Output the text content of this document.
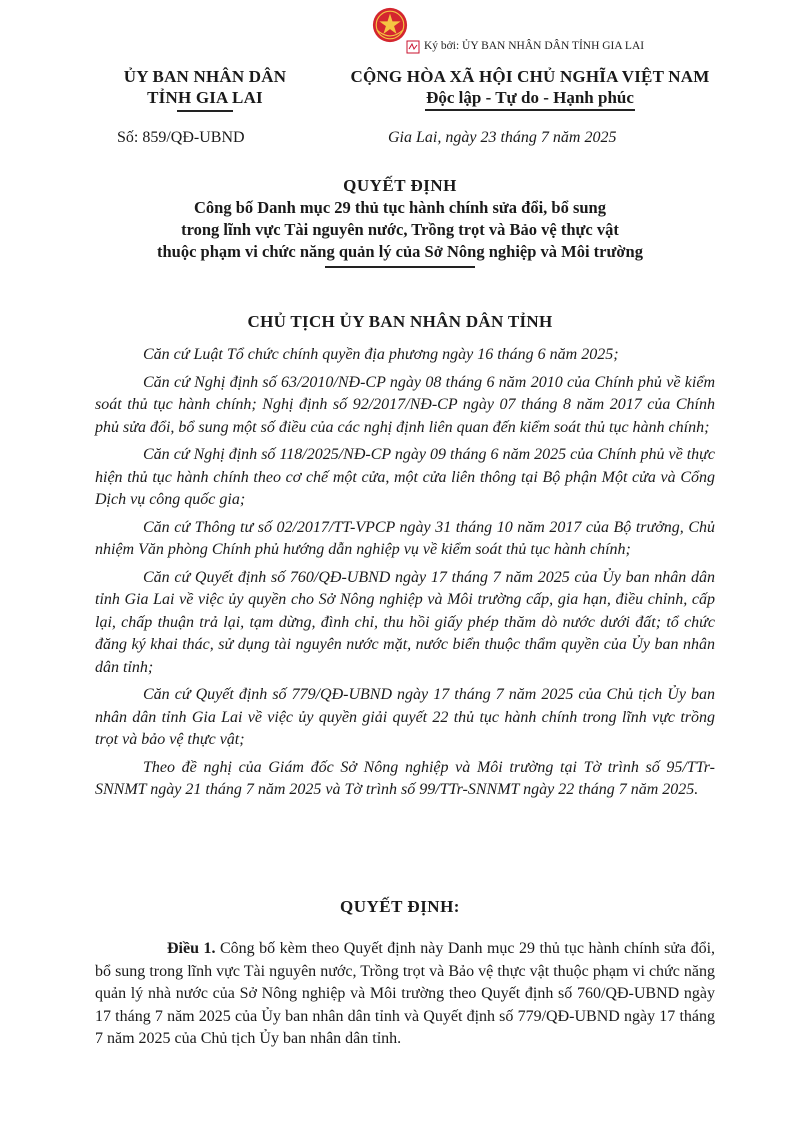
Ký bởi: ỦY BAN NHÂN DÂN TỈNH GIA LAI
ỦY BAN NHÂN DÂN
TỈNH GIA LAI
Số: 859/QĐ-UBND
CỘNG HÒA XÃ HỘI CHỦ NGHĨA VIỆT NAM
Độc lập - Tự do - Hạnh phúc
Gia Lai, ngày 23 tháng 7 năm 2025
QUYẾT ĐỊNH
Công bố Danh mục 29 thủ tục hành chính sửa đổi, bổ sung
trong lĩnh vực Tài nguyên nước, Trồng trọt và Bảo vệ thực vật
thuộc phạm vi chức năng quản lý của Sở Nông nghiệp và Môi trường
CHỦ TỊCH ỦY BAN NHÂN DÂN TỈNH

Căn cứ Luật Tổ chức chính quyền địa phương ngày 16 tháng 6 năm 2025;

Căn cứ Nghị định số 63/2010/NĐ-CP ngày 08 tháng 6 năm 2010 của Chính phủ về kiểm soát thủ tục hành chính; Nghị định số 92/2017/NĐ-CP ngày 07 tháng 8 năm 2017 của Chính phủ sửa đổi, bổ sung một số điều của các nghị định liên quan đến kiểm soát thủ tục hành chính;

Căn cứ Nghị định số 118/2025/NĐ-CP ngày 09 tháng 6 năm 2025 của Chính phủ về thực hiện thủ tục hành chính theo cơ chế một cửa, một cửa liên thông tại Bộ phận Một cửa và Cổng Dịch vụ công quốc gia;

Căn cứ Thông tư số 02/2017/TT-VPCP ngày 31 tháng 10 năm 2017 của Bộ trưởng, Chủ nhiệm Văn phòng Chính phủ hướng dẫn nghiệp vụ về kiểm soát thủ tục hành chính;

Căn cứ Quyết định số 760/QĐ-UBND ngày 17 tháng 7 năm 2025 của Ủy ban nhân dân tỉnh Gia Lai về việc ủy quyền cho Sở Nông nghiệp và Môi trường cấp, gia hạn, điều chỉnh, cấp lại, chấp thuận trả lại, tạm dừng, đình chỉ, thu hồi giấy phép thăm dò nước dưới đất; tổ chức đăng ký khai thác, sử dụng tài nguyên nước mặt, nước biển thuộc thẩm quyền của Ủy ban nhân dân tỉnh;

Căn cứ Quyết định số 779/QĐ-UBND ngày 17 tháng 7 năm 2025 của Chủ tịch Ủy ban nhân dân tỉnh Gia Lai về việc ủy quyền giải quyết 22 thủ tục hành chính trong lĩnh vực trồng trọt và bảo vệ thực vật;

Theo đề nghị của Giám đốc Sở Nông nghiệp và Môi trường tại Tờ trình số 95/TTr-SNNMT ngày 21 tháng 7 năm 2025 và Tờ trình số 99/TTr-SNNMT ngày 22 tháng 7 năm 2025.

QUYẾT ĐỊNH:

Điều 1. Công bố kèm theo Quyết định này Danh mục 29 thủ tục hành chính sửa đổi, bổ sung trong lĩnh vực Tài nguyên nước, Trồng trọt và Bảo vệ thực vật thuộc phạm vi chức năng quản lý nhà nước của Sở Nông nghiệp và Môi trường theo Quyết định số 760/QĐ-UBND ngày 17 tháng 7 năm 2025 của Ủy ban nhân dân tỉnh và Quyết định số 779/QĐ-UBND ngày 17 tháng 7 năm 2025 của Chủ tịch Ủy ban nhân dân tỉnh.
